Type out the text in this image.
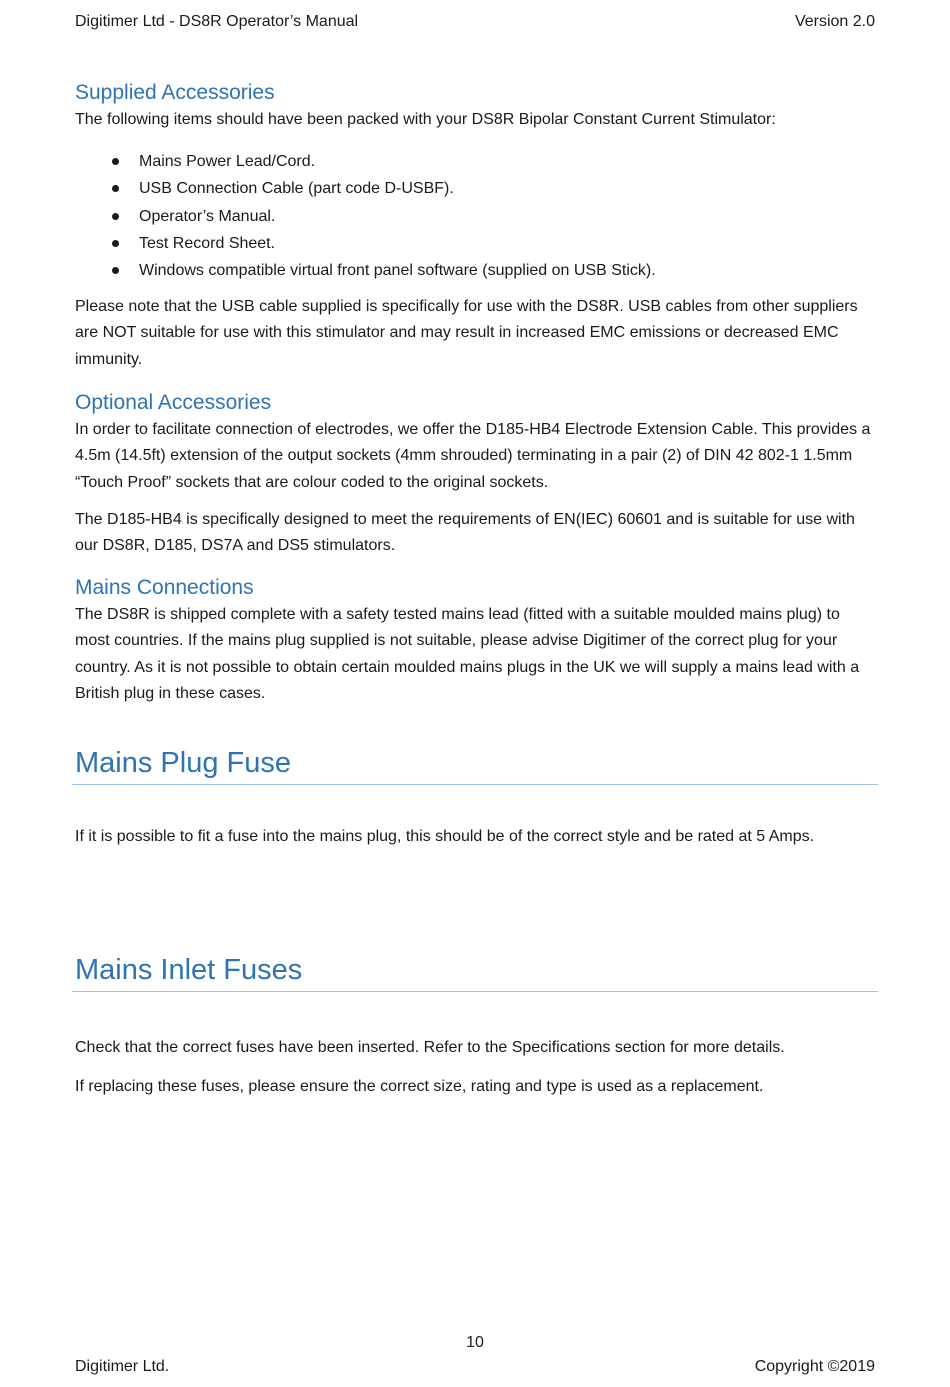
Digitimer Ltd - DS8R Operator’s Manual	Version 2.0
Supplied Accessories

The following items should have been packed with your DS8R Bipolar Constant Current Stimulator:

Mains Power Lead/Cord.
USB Connection Cable (part code D-USBF).
Operator’s Manual.
Test Record Sheet.
Windows compatible virtual front panel software (supplied on USB Stick).

Please note that the USB cable supplied is specifically for use with the DS8R. USB cables from other suppliers are NOT suitable for use with this stimulator and may result in increased EMC emissions or decreased EMC immunity.

Optional Accessories

In order to facilitate connection of electrodes, we offer the D185-HB4 Electrode Extension Cable. This provides a 4.5m (14.5ft) extension of the output sockets (4mm shrouded) terminating in a pair (2) of DIN 42 802-1 1.5mm “Touch Proof” sockets that are colour coded to the original sockets.

The D185-HB4 is specifically designed to meet the requirements of EN(IEC) 60601 and is suitable for use with our DS8R, D185, DS7A and DS5 stimulators.

Mains Connections

The DS8R is shipped complete with a safety tested mains lead (fitted with a suitable moulded mains plug) to most countries. If the mains plug supplied is not suitable, please advise Digitimer of the correct plug for your country. As it is not possible to obtain certain moulded mains plugs in the UK we will supply a mains lead with a British plug in these cases.

Mains Plug Fuse

If it is possible to fit a fuse into the mains plug, this should be of the correct style and be rated at 5 Amps.

Mains Inlet Fuses

Check that the correct fuses have been inserted. Refer to the Specifications section for more details.

If replacing these fuses, please ensure the correct size, rating and type is used as a replacement.

10
Digitimer Ltd.	Copyright ©2019
